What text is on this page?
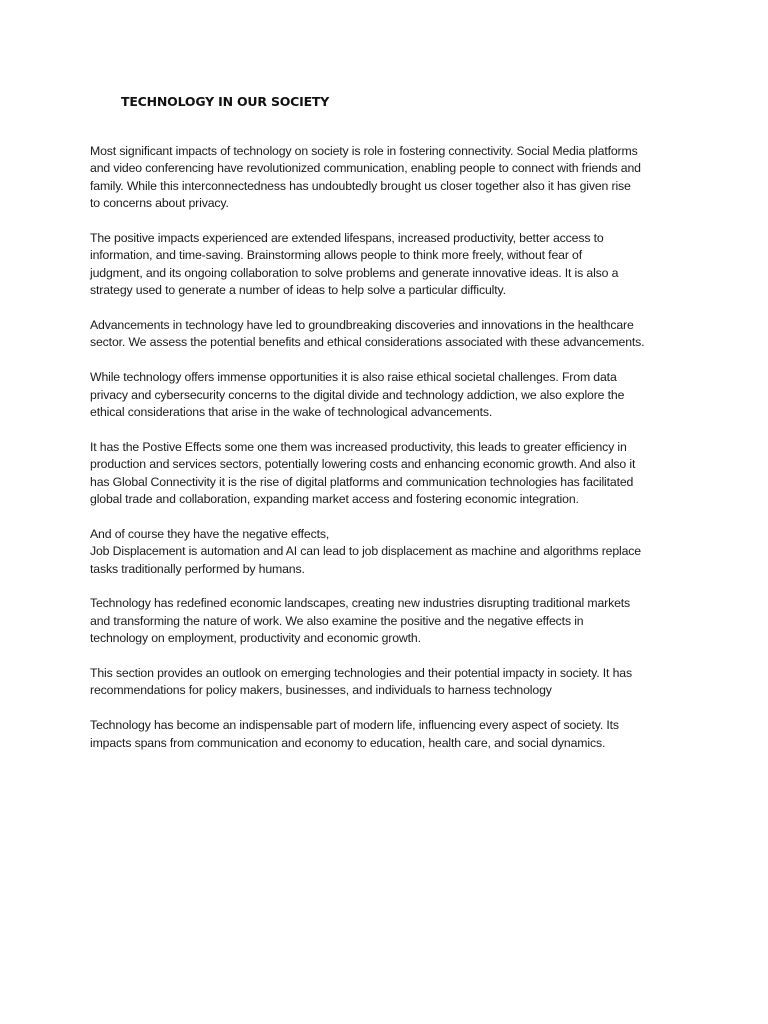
TECHNOLOGY IN OUR SOCIETY

Most significant impacts of technology on society is role in fostering connectivity. Social Media platforms
and video conferencing have revolutionized communication, enabling people to connect with friends and
family. While this interconnectedness has undoubtedly brought us closer together also it has given rise
to concerns about privacy.

The positive impacts experienced are extended lifespans, increased productivity, better access to
information, and time-saving. Brainstorming allows people to think more freely, without fear of
judgment, and its ongoing collaboration to solve problems and generate innovative ideas. It is also a
strategy used to generate a number of ideas to help solve a particular difficulty.

Advancements in technology have led to groundbreaking discoveries and innovations in the healthcare
sector. We assess the potential benefits and ethical considerations associated with these advancements.

While technology offers immense opportunities it is also raise ethical societal challenges. From data
privacy and cybersecurity concerns to the digital divide and technology addiction, we also explore the
ethical considerations that arise in the wake of technological advancements.

It has the Postive Effects some one them was increased productivity, this leads to greater efficiency in
production and services sectors, potentially lowering costs and enhancing economic growth. And also it
has Global Connectivity it is the rise of digital platforms and communication technologies has facilitated
global trade and collaboration, expanding market access and fostering economic integration.

And of course they have the negative effects,
Job Displacement is automation and AI can lead to job displacement as machine and algorithms replace
tasks traditionally performed by humans.

Technology has redefined economic landscapes, creating new industries disrupting traditional markets
and transforming the nature of work. We also examine the positive and the negative effects in
technology on employment, productivity and economic growth.

This section provides an outlook on emerging technologies and their potential impacty in society. It has
recommendations for policy makers, businesses, and individuals to harness technology

Technology has become an indispensable part of modern life, influencing every aspect of society. Its
impacts spans from communication and economy to education, health care, and social dynamics.
